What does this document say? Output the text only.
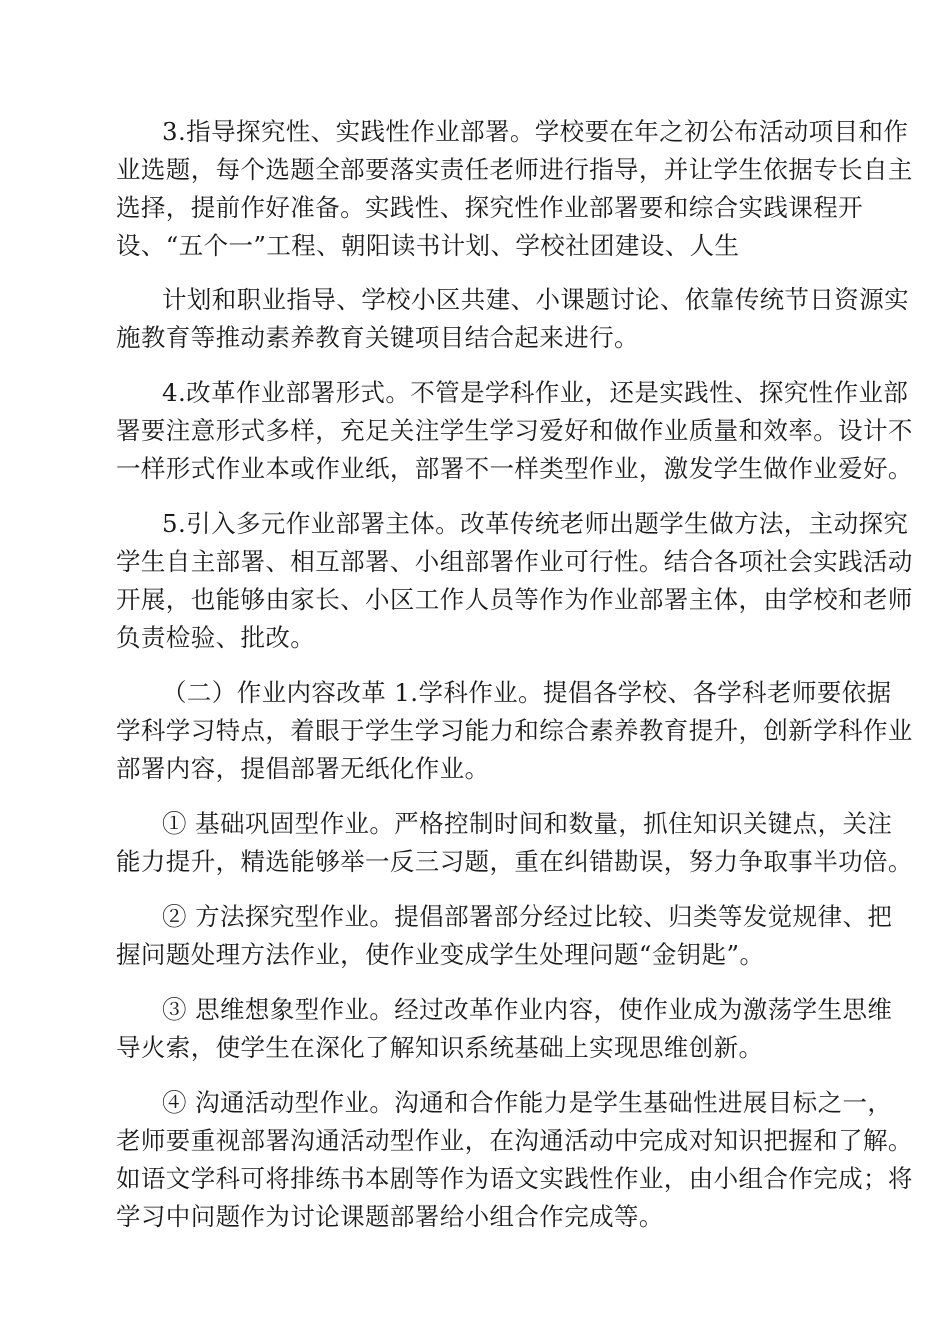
3.指导探究性、实践性作业部署。学校要在年之初公布活动项目和作
业选题，每个选题全部要落实责任老师进行指导，并让学生依据专长自主
选择，提前作好准备。实践性、探究性作业部署要和综合实践课程开
设、“五个一”工程、朝阳读书计划、学校社团建设、人生
计划和职业指导、学校小区共建、小课题讨论、依靠传统节日资源实
施教育等推动素养教育关键项目结合起来进行。
4.改革作业部署形式。不管是学科作业，还是实践性、探究性作业部
署要注意形式多样，充足关注学生学习爱好和做作业质量和效率。设计不
一样形式作业本或作业纸，部署不一样类型作业，激发学生做作业爱好。
5.引入多元作业部署主体。改革传统老师出题学生做方法，主动探究
学生自主部署、相互部署、小组部署作业可行性。结合各项社会实践活动
开展，也能够由家长、小区工作人员等作为作业部署主体，由学校和老师
负责检验、批改。
（二）作业内容改革 1.学科作业。提倡各学校、各学科老师要依据
学科学习特点，着眼于学生学习能力和综合素养教育提升，创新学科作业
部署内容，提倡部署无纸化作业。
① 基础巩固型作业。严格控制时间和数量，抓住知识关键点，关注
能力提升，精选能够举一反三习题，重在纠错勘误，努力争取事半功倍。
② 方法探究型作业。提倡部署部分经过比较、归类等发觉规律、把
握问题处理方法作业，使作业变成学生处理问题“金钥匙”。
③ 思维想象型作业。经过改革作业内容，使作业成为激荡学生思维
导火索，使学生在深化了解知识系统基础上实现思维创新。
④ 沟通活动型作业。沟通和合作能力是学生基础性进展目标之一，
老师要重视部署沟通活动型作业，在沟通活动中完成对知识把握和了解。
如语文学科可将排练书本剧等作为语文实践性作业，由小组合作完成；将
学习中问题作为讨论课题部署给小组合作完成等。
